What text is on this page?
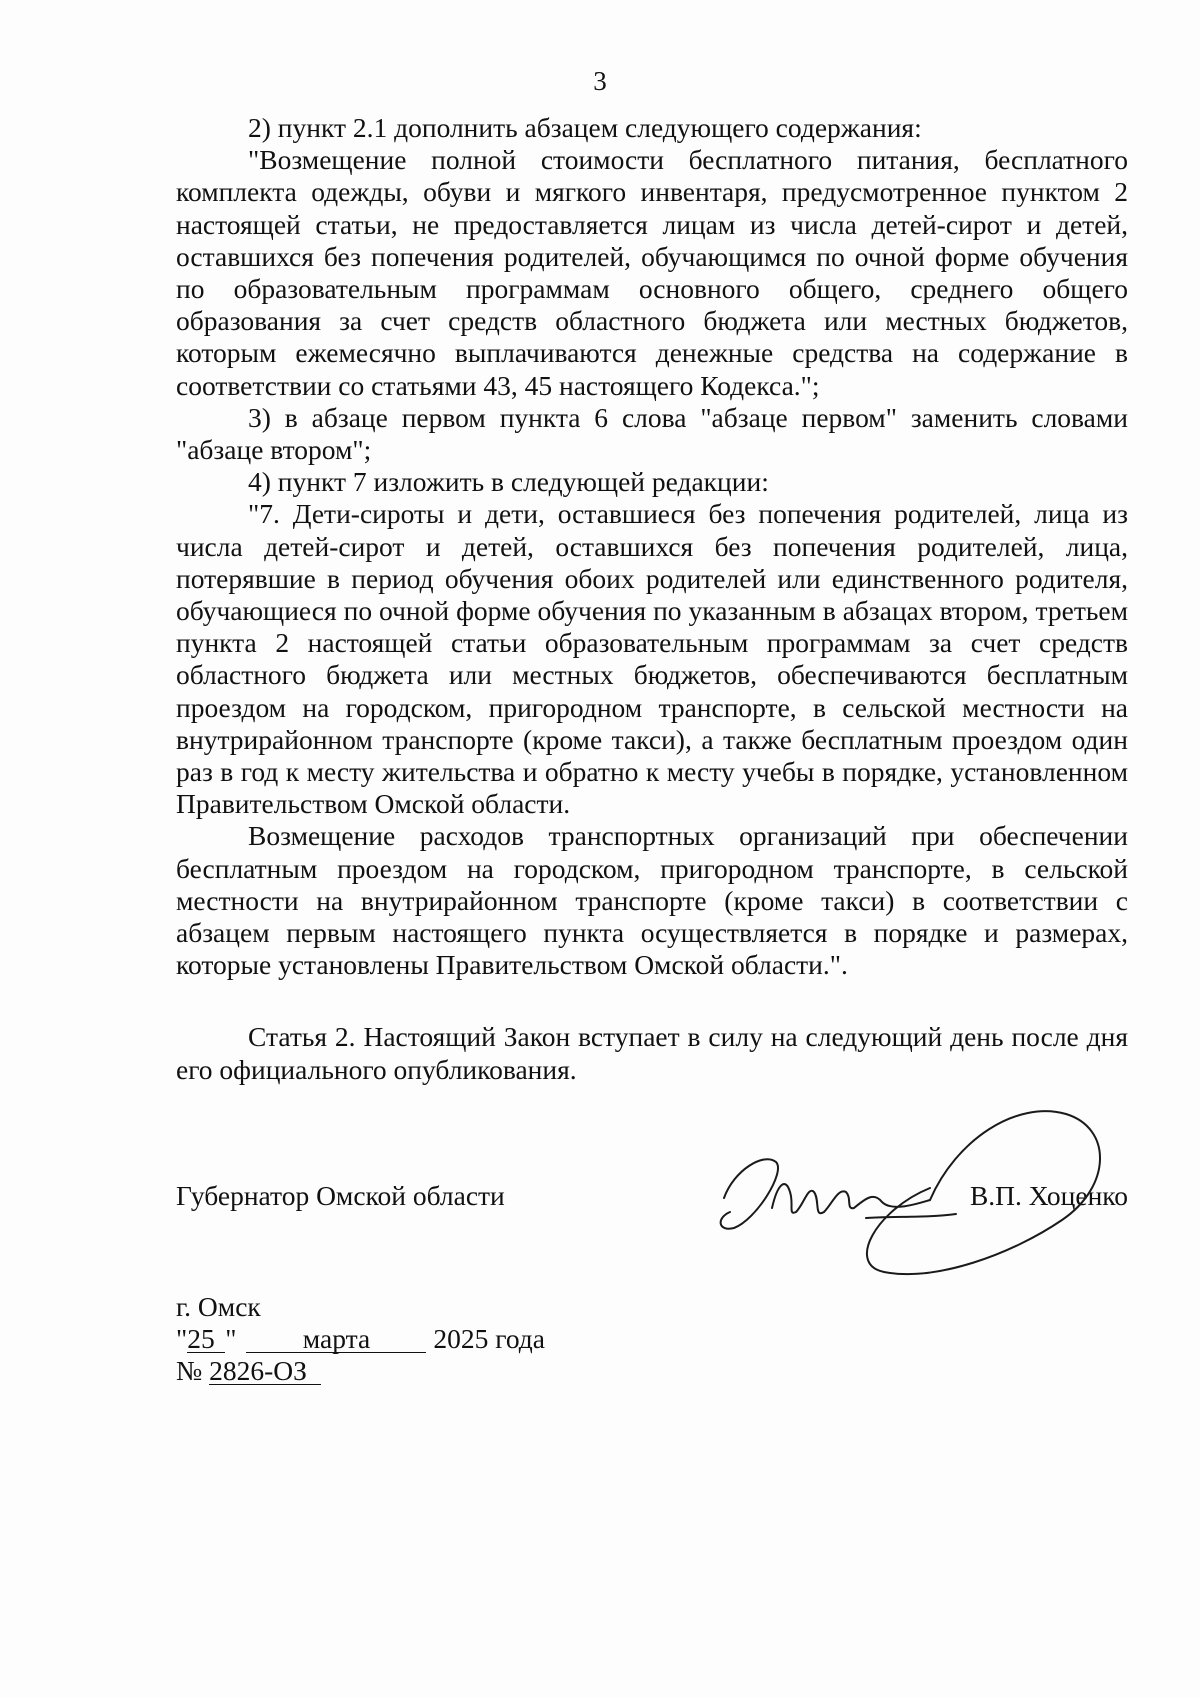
3

2) пункт 2.1 дополнить абзацем следующего содержания:

"Возмещение полной стоимости бесплатного питания, бесплатного комплекта одежды, обуви и мягкого инвентаря, предусмотренное пунктом 2 настоящей статьи, не предоставляется лицам из числа детей-сирот и детей, оставшихся без попечения родителей, обучающимся по очной форме обучения по образовательным программам основного общего, среднего общего образования за счет средств областного бюджета или местных бюджетов, которым ежемесячно выплачиваются денежные средства на содержание в соответствии со статьями 43, 45 настоящего Кодекса.";

3) в абзаце первом пункта 6 слова "абзаце первом" заменить словами "абзаце втором";

4) пункт 7 изложить в следующей редакции:

"7. Дети-сироты и дети, оставшиеся без попечения родителей, лица из числа детей-сирот и детей, оставшихся без попечения родителей, лица, потерявшие в период обучения обоих родителей или единственного родителя, обучающиеся по очной форме обучения по указанным в абзацах втором, третьем пункта 2 настоящей статьи образовательным программам за счет средств областного бюджета или местных бюджетов, обеспечиваются бесплатным проездом на городском, пригородном транспорте, в сельской местности на внутрирайонном транспорте (кроме такси), а также бесплатным проездом один раз в год к месту жительства и обратно к месту учебы в порядке, установленном Правительством Омской области.

Возмещение расходов транспортных организаций при обеспечении бесплатным проездом на городском, пригородном транспорте, в сельской местности на внутрирайонном транспорте (кроме такси) в соответствии с абзацем первым настоящего пункта осуществляется в порядке и размерах, которые установлены Правительством Омской области.".

Статья 2. Настоящий Закон вступает в силу на следующий день после дня его официального опубликования.

Губернатор Омской области	В.П. Хоценко
г. Омск
"25 " марта 2025 года
№ 2826-ОЗ
